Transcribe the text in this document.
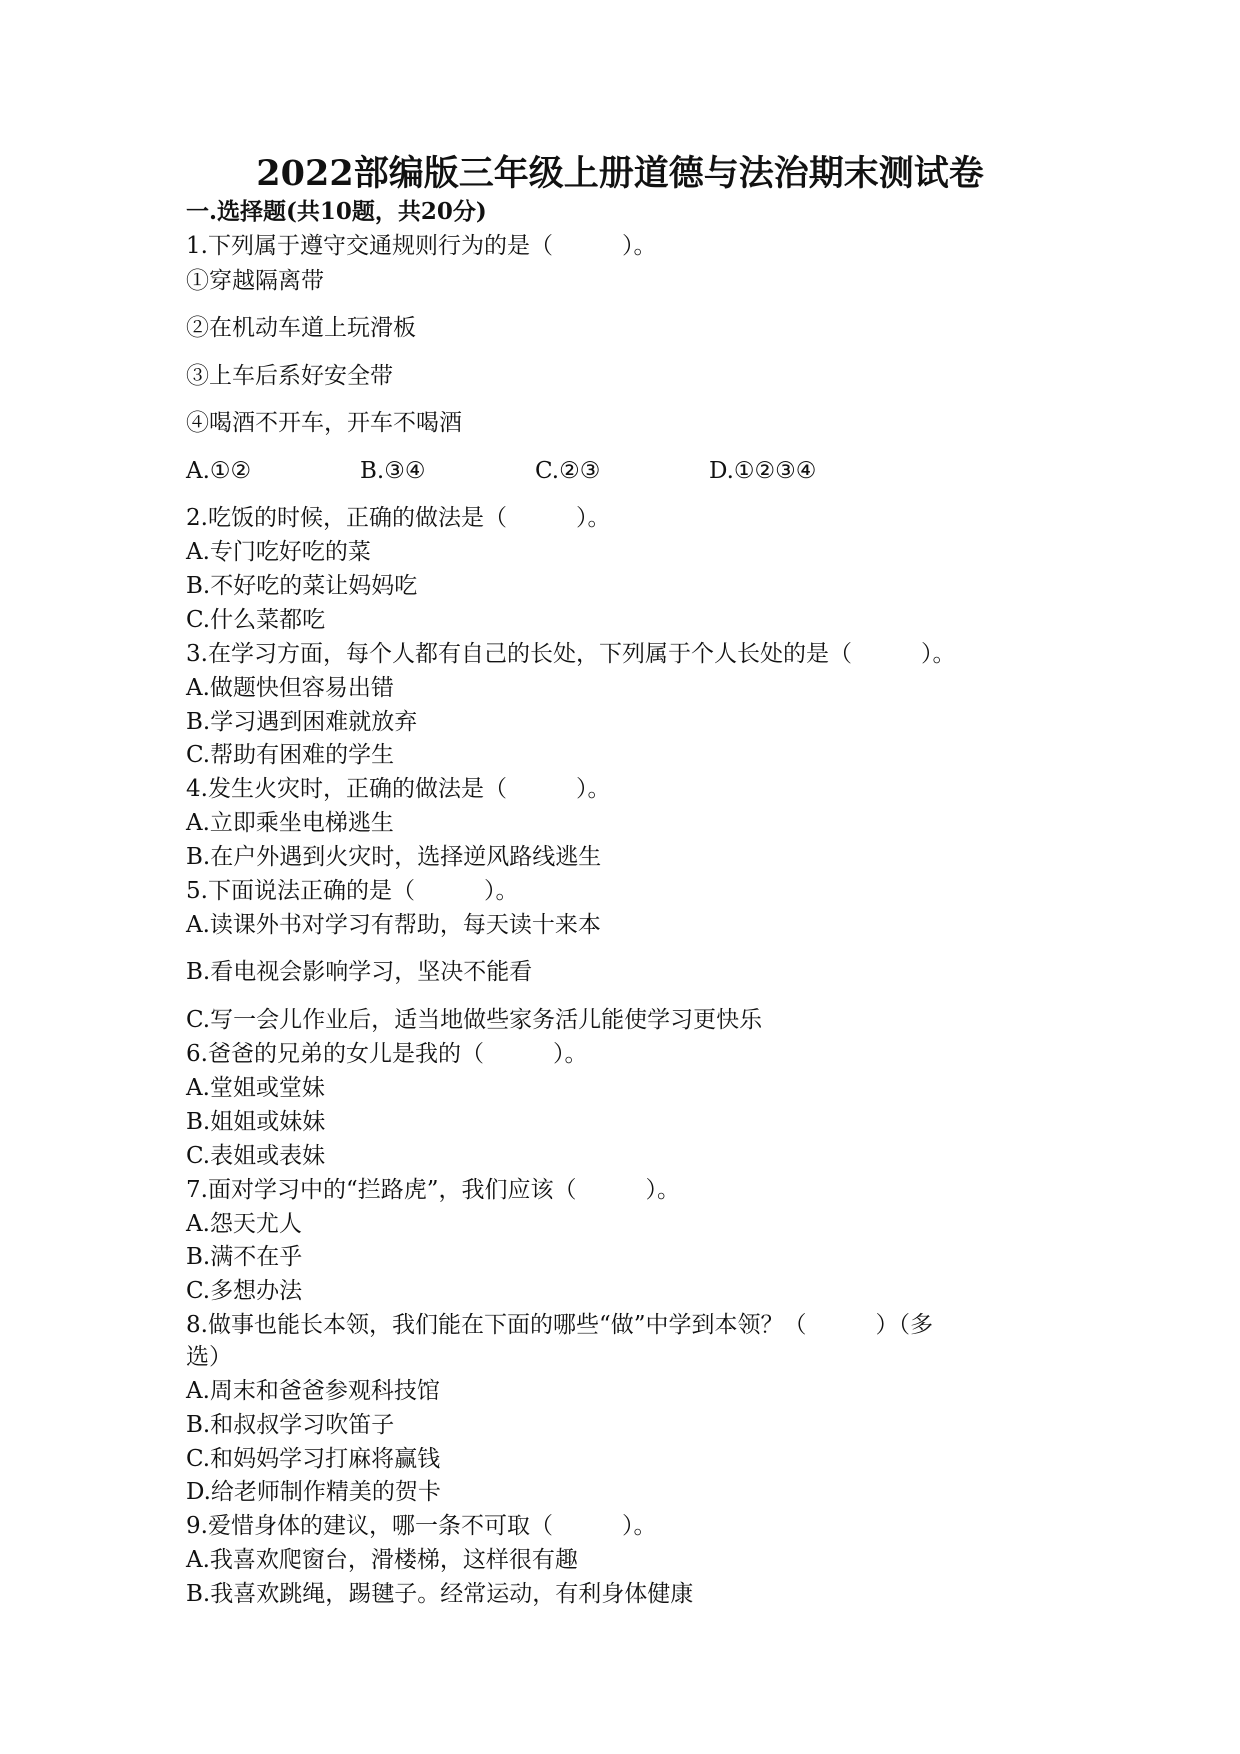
2022部编版三年级上册道德与法治期末测试卷
一.选择题(共10题，共20分)
1.下列属于遵守交通规则行为的是（　　　）。
①穿越隔离带
②在机动车道上玩滑板
③上车后系好安全带
④喝酒不开车，开车不喝酒
A.①②	B.③④	C.②③	D.①②③④
2.吃饭的时候，正确的做法是（　　　）。
A.专门吃好吃的菜
B.不好吃的菜让妈妈吃
C.什么菜都吃
3.在学习方面，每个人都有自己的长处，下列属于个人长处的是（　　　）。
A.做题快但容易出错
B.学习遇到困难就放弃
C.帮助有困难的学生
4.发生火灾时，正确的做法是（　　　）。
A.立即乘坐电梯逃生
B.在户外遇到火灾时，选择逆风路线逃生
5.下面说法正确的是（　　　）。
A.读课外书对学习有帮助，每天读十来本
B.看电视会影响学习，坚决不能看
C.写一会儿作业后，适当地做些家务活儿能使学习更快乐
6.爸爸的兄弟的女儿是我的（　　　）。
A.堂姐或堂妹
B.姐姐或妹妹
C.表姐或表妹
7.面对学习中的“拦路虎”，我们应该（　　　）。
A.怨天尤人
B.满不在乎
C.多想办法
8.做事也能长本领，我们能在下面的哪些“做”中学到本领？（　　　）（多
选）
A.周末和爸爸参观科技馆
B.和叔叔学习吹笛子
C.和妈妈学习打麻将赢钱
D.给老师制作精美的贺卡
9.爱惜身体的建议，哪一条不可取（　　　）。
A.我喜欢爬窗台，滑楼梯，这样很有趣
B.我喜欢跳绳，踢毽子。经常运动，有利身体健康
